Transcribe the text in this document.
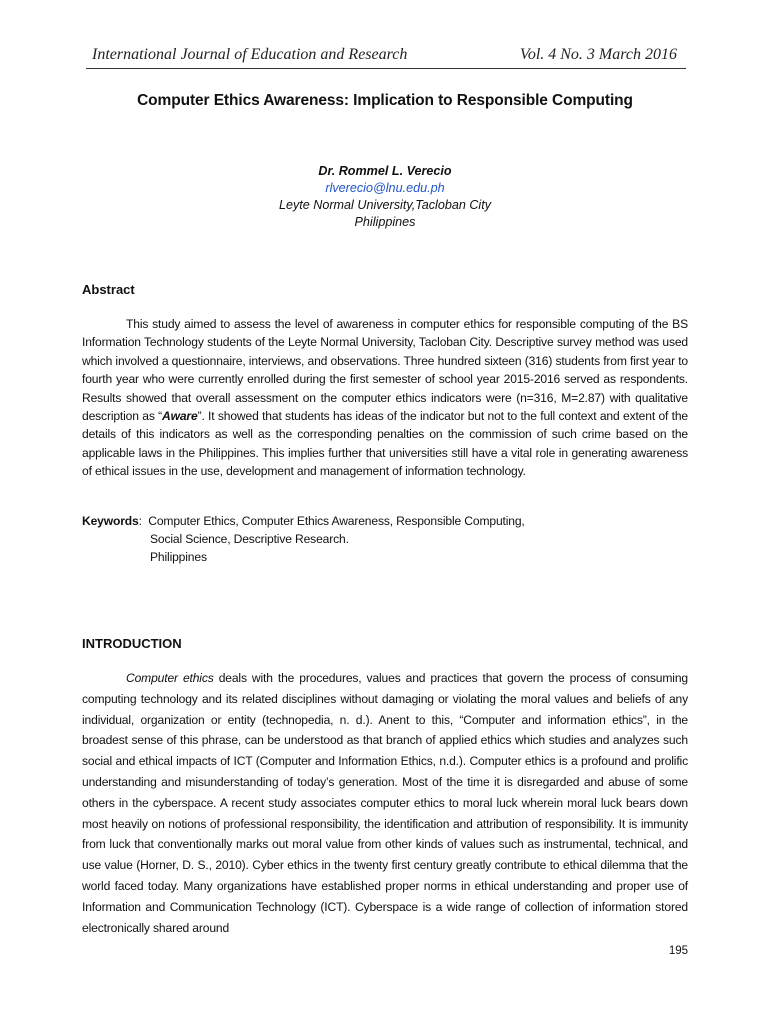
International Journal of Education and Research	Vol. 4 No. 3 March 2016
Computer Ethics Awareness: Implication to Responsible Computing
Dr. Rommel L. Verecio
rlverecio@lnu.edu.ph
Leyte Normal University,Tacloban City
Philippines
Abstract
This study aimed to assess the level of awareness in computer ethics for responsible computing of the BS Information Technology students of the Leyte Normal University, Tacloban City. Descriptive survey method was used which involved a questionnaire, interviews, and observations. Three hundred sixteen (316) students from first year to fourth year who were currently enrolled during the first semester of school year 2015-2016 served as respondents. Results showed that overall assessment on the computer ethics indicators were (n=316, M=2.87) with qualitative description as “Aware”. It showed that students has ideas of the indicator but not to the full context and extent of the details of this indicators as well as the corresponding penalties on the commission of such crime based on the applicable laws in the Philippines. This implies further that universities still have a vital role in generating awareness of ethical issues in the use, development and management of information technology.
Keywords:  Computer Ethics, Computer Ethics Awareness, Responsible Computing,
Social Science, Descriptive Research.
Philippines
INTRODUCTION
Computer ethics deals with the procedures, values and practices that govern the process of consuming computing technology and its related disciplines without damaging or violating the moral values and beliefs of any individual, organization or entity (technopedia, n. d.). Anent to this, “Computer and information ethics”, in the broadest sense of this phrase, can be understood as that branch of applied ethics which studies and analyzes such social and ethical impacts of ICT (Computer and Information Ethics, n.d.). Computer ethics is a profound and prolific understanding and misunderstanding of today’s generation. Most of the time it is disregarded and abuse of some others in the cyberspace. A recent study associates computer ethics to moral luck wherein moral luck bears down most heavily on notions of professional responsibility, the identification and attribution of responsibility. It is immunity from luck that conventionally marks out moral value from other kinds of values such as instrumental, technical, and use value (Horner, D. S., 2010). Cyber ethics in the twenty first century greatly contribute to ethical dilemma that the world faced today. Many organizations have established proper norms in ethical understanding and proper use of Information and Communication Technology (ICT). Cyberspace is a wide range of collection of information stored electronically shared around
195
